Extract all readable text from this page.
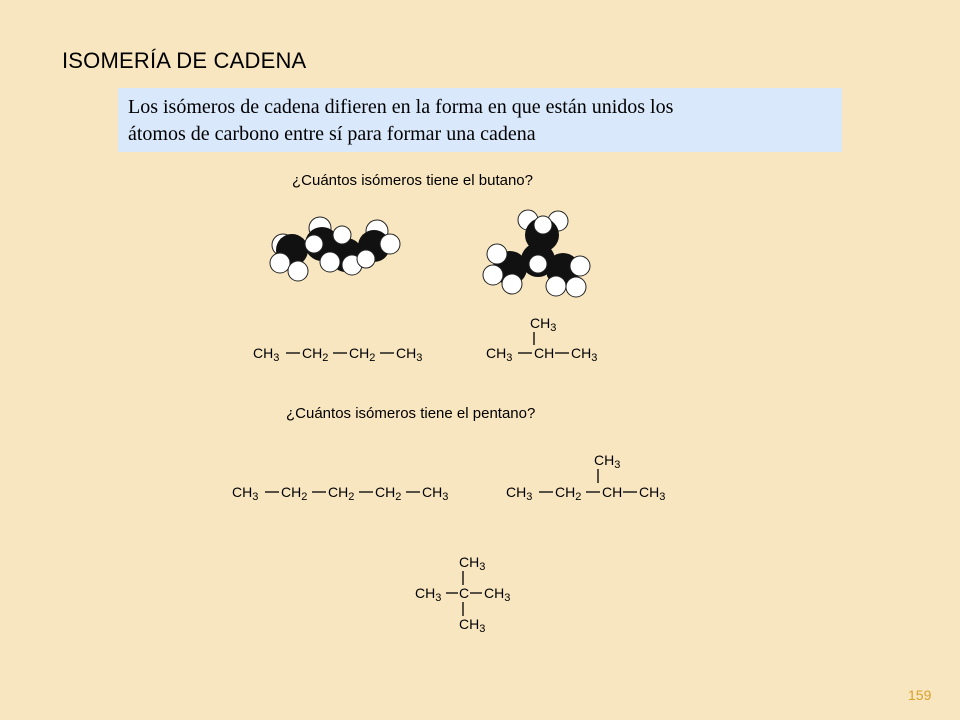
ISOMERÍA DE CADENA
Los isómeros de cadena difieren en la forma en que están unidos los
átomos de carbono entre sí para formar una cadena
¿Cuántos isómeros tiene el butano?
¿Cuántos isómeros tiene el pentano?
$CH_3$ $CH_2$ $CH_2$ $CH_3$
$CH_3$
$CH_3$ CH $CH_3$
$CH_3$ $CH_2$ $CH_2$ $CH_2$ $CH_3$
$CH_3$
$CH_3$ $CH_2$ CH $CH_3$
$CH_3$
$CH_3$ C $CH_3$
$CH_3$
159
